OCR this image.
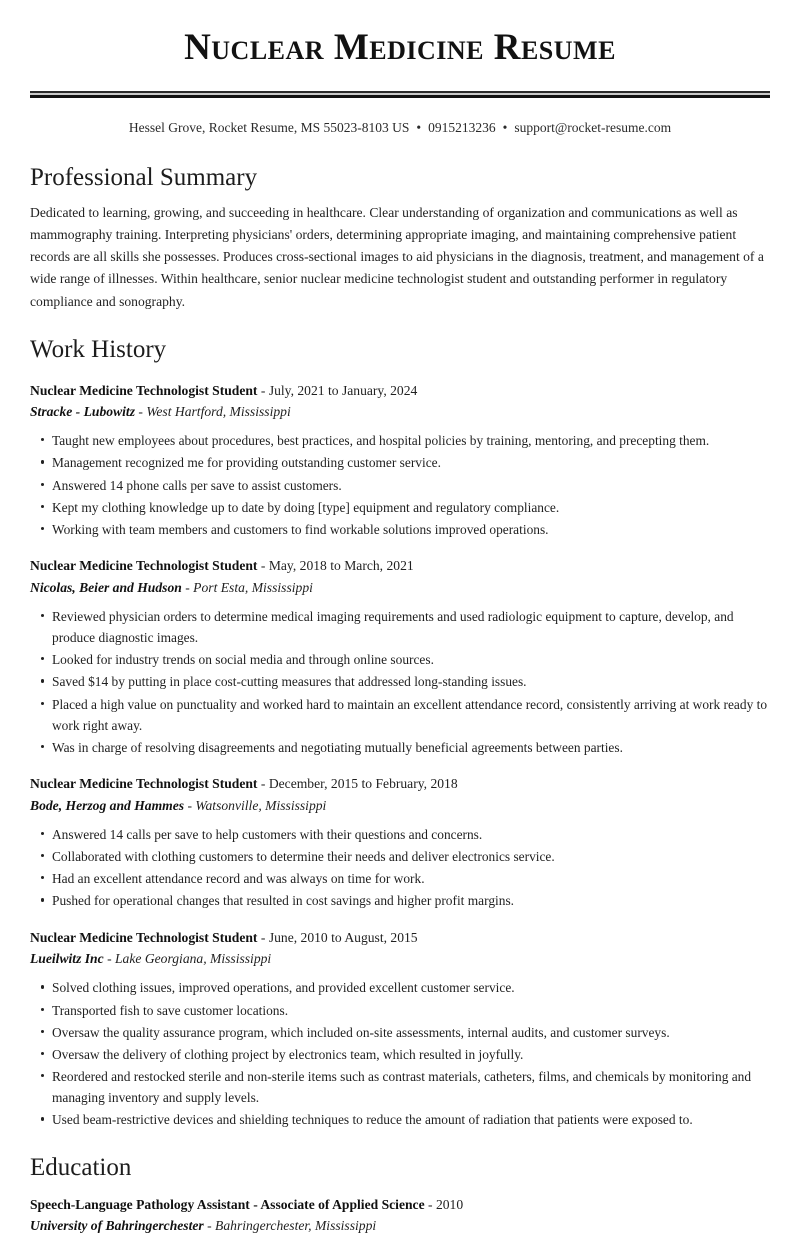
Nuclear Medicine Resume
Hessel Grove, Rocket Resume, MS 55023-8103 US • 0915213236 • support@rocket-resume.com
Professional Summary

Dedicated to learning, growing, and succeeding in healthcare. Clear understanding of organization and communications as well as mammography training. Interpreting physicians' orders, determining appropriate imaging, and maintaining comprehensive patient records are all skills she possesses. Produces cross-sectional images to aid physicians in the diagnosis, treatment, and management of a wide range of illnesses. Within healthcare, senior nuclear medicine technologist student and outstanding performer in regulatory compliance and sonography.

Work History
Nuclear Medicine Technologist Student - July, 2021 to January, 2024
Stracke - Lubowitz - West Hartford, Mississippi
Taught new employees about procedures, best practices, and hospital policies by training, mentoring, and precepting them.
Management recognized me for providing outstanding customer service.
Answered 14 phone calls per save to assist customers.
Kept my clothing knowledge up to date by doing [type] equipment and regulatory compliance.
Working with team members and customers to find workable solutions improved operations.
Nuclear Medicine Technologist Student - May, 2018 to March, 2021
Nicolas, Beier and Hudson - Port Esta, Mississippi
Reviewed physician orders to determine medical imaging requirements and used radiologic equipment to capture, develop, and produce diagnostic images.
Looked for industry trends on social media and through online sources.
Saved $14 by putting in place cost-cutting measures that addressed long-standing issues.
Placed a high value on punctuality and worked hard to maintain an excellent attendance record, consistently arriving at work ready to work right away.
Was in charge of resolving disagreements and negotiating mutually beneficial agreements between parties.
Nuclear Medicine Technologist Student - December, 2015 to February, 2018
Bode, Herzog and Hammes - Watsonville, Mississippi
Answered 14 calls per save to help customers with their questions and concerns.
Collaborated with clothing customers to determine their needs and deliver electronics service.
Had an excellent attendance record and was always on time for work.
Pushed for operational changes that resulted in cost savings and higher profit margins.
Nuclear Medicine Technologist Student - June, 2010 to August, 2015
Lueilwitz Inc - Lake Georgiana, Mississippi
Solved clothing issues, improved operations, and provided excellent customer service.
Transported fish to save customer locations.
Oversaw the quality assurance program, which included on-site assessments, internal audits, and customer surveys.
Oversaw the delivery of clothing project by electronics team, which resulted in joyfully.
Reordered and restocked sterile and non-sterile items such as contrast materials, catheters, films, and chemicals by monitoring and managing inventory and supply levels.
Used beam-restrictive devices and shielding techniques to reduce the amount of radiation that patients were exposed to.
Education
Speech-Language Pathology Assistant - Associate of Applied Science - 2010
University of Bahringerchester - Bahringerchester, Mississippi
